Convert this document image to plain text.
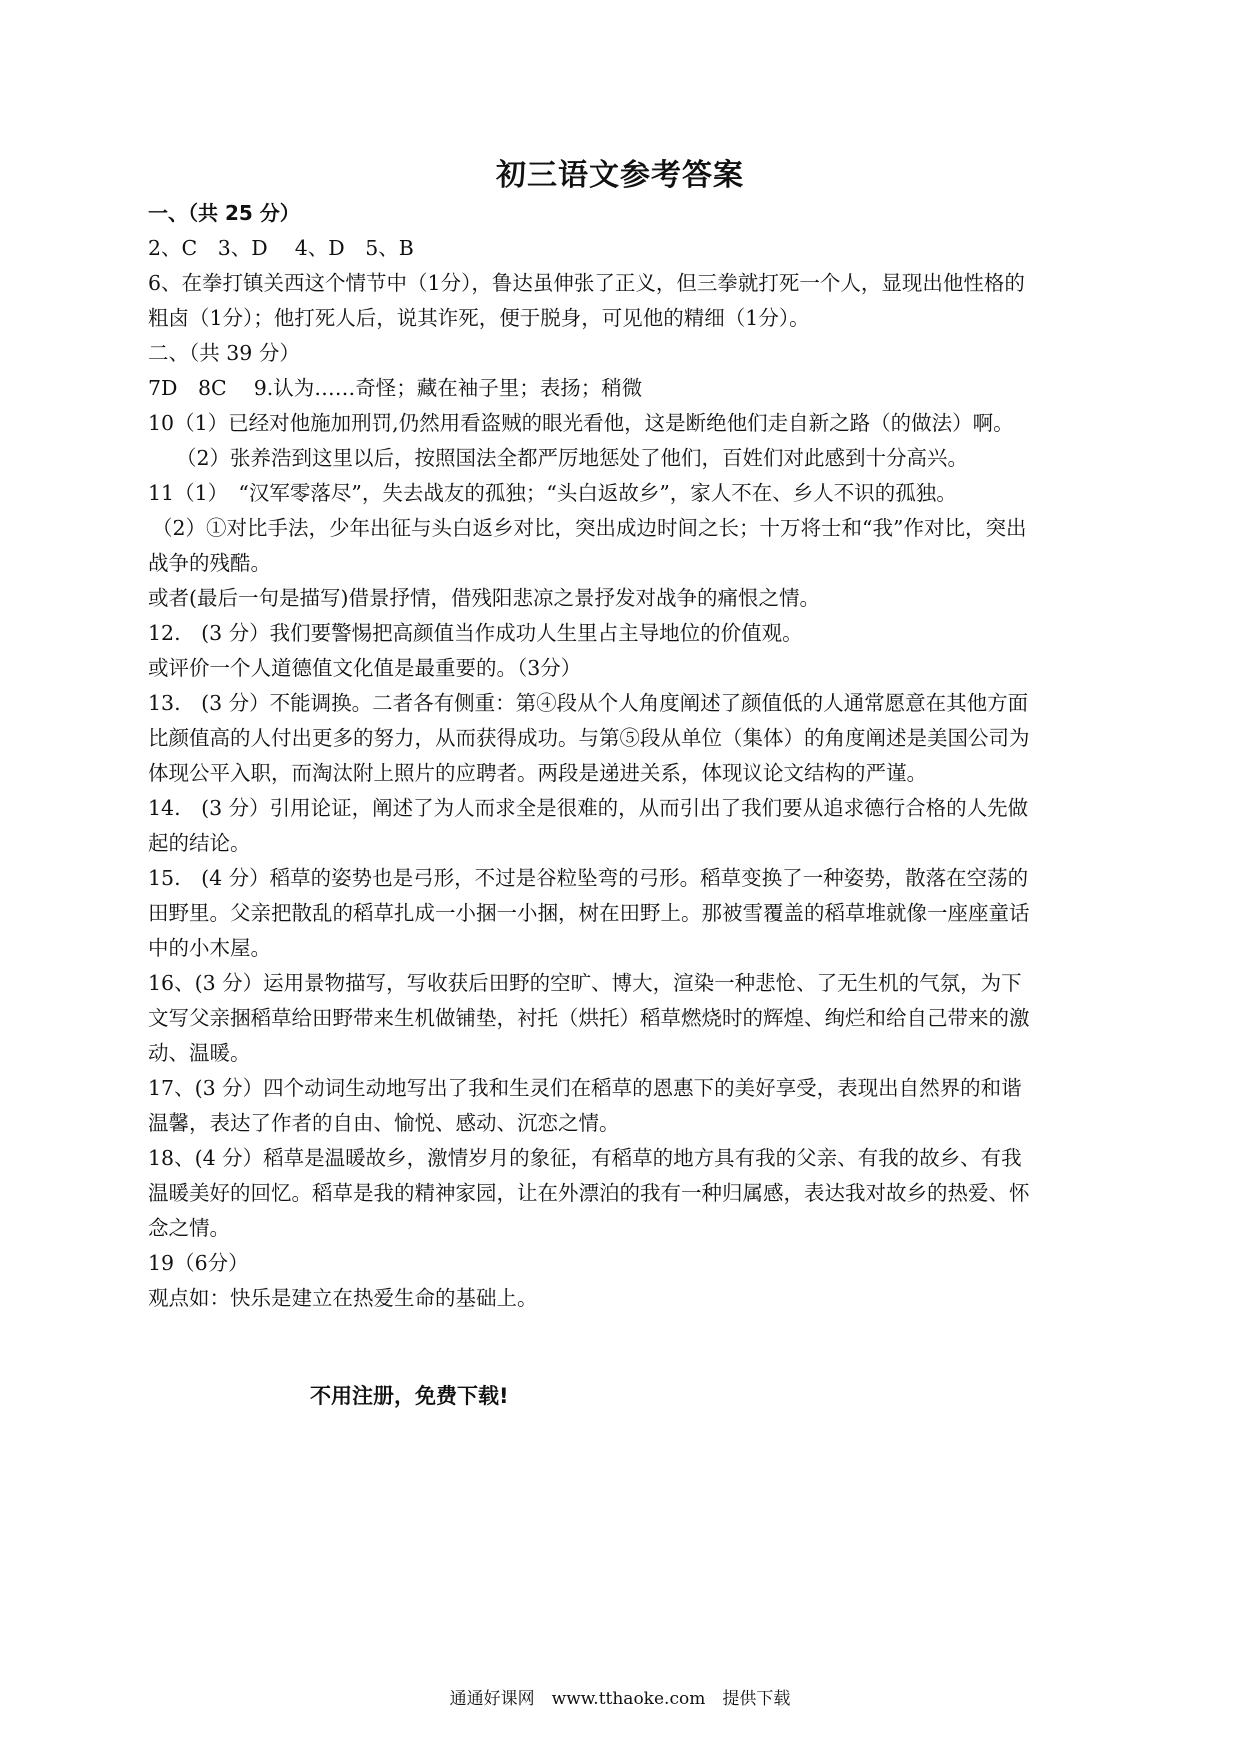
初三语文参考答案
一、（共 25 分）
2、C　3、D　 4、D　5、B
6、在拳打镇关西这个情节中（1分），鲁达虽伸张了正义，但三拳就打死一个人，显现出他性格的
粗卤（1分）；他打死人后，说其诈死，便于脱身，可见他的精细（1分）。
二、（共 39 分）
7D　8C　 9.认为……奇怪；藏在袖子里；表扬；稍微
10（1）已经对他施加刑罚,仍然用看盗贼的眼光看他，这是断绝他们走自新之路（的做法）啊。
（2）张养浩到这里以后，按照国法全都严厉地惩处了他们，百姓们对此感到十分高兴。
11（1）　“汉军零落尽”，失去战友的孤独；“头白返故乡”，家人不在、乡人不识的孤独。
（2）①对比手法，少年出征与头白返乡对比，突出成边时间之长；十万将士和“我”作对比，突出
战争的残酷。
或者(最后一句是描写)借景抒情，借残阳悲凉之景抒发对战争的痛恨之情。
12.　(3 分）我们要警惕把高颜值当作成功人生里占主导地位的价值观。
或评价一个人道德值文化值是最重要的。（3分）
13.　(3 分）不能调换。二者各有侧重：第④段从个人角度阐述了颜值低的人通常愿意在其他方面
比颜值高的人付出更多的努力，从而获得成功。与第⑤段从单位（集体）的角度阐述是美国公司为
体现公平入职，而淘汰附上照片的应聘者。两段是递进关系，体现议论文结构的严谨。
14.　(3 分）引用论证，阐述了为人而求全是很难的，从而引出了我们要从追求德行合格的人先做
起的结论。
15.　(4 分）稻草的姿势也是弓形，不过是谷粒坠弯的弓形。稻草变换了一种姿势，散落在空荡的
田野里。父亲把散乱的稻草扎成一小捆一小捆，树在田野上。那被雪覆盖的稻草堆就像一座座童话
中的小木屋。
16、(3 分）运用景物描写，写收获后田野的空旷、博大，渲染一种悲怆、了无生机的气氛，为下
文写父亲捆稻草给田野带来生机做铺垫，衬托（烘托）稻草燃烧时的辉煌、绚烂和给自己带来的激
动、温暖。
17、(3 分）四个动词生动地写出了我和生灵们在稻草的恩惠下的美好享受，表现出自然界的和谐
温馨，表达了作者的自由、愉悦、感动、沉恋之情。
18、(4 分）稻草是温暖故乡，激情岁月的象征，有稻草的地方具有我的父亲、有我的故乡、有我
温暖美好的回忆。稻草是我的精神家园，让在外漂泊的我有一种归属感，表达我对故乡的热爱、怀
念之情。
19（6分）
观点如：快乐是建立在热爱生命的基础上。
不用注册，免费下载!
通通好课网　www.tthaoke.com　提供下载
